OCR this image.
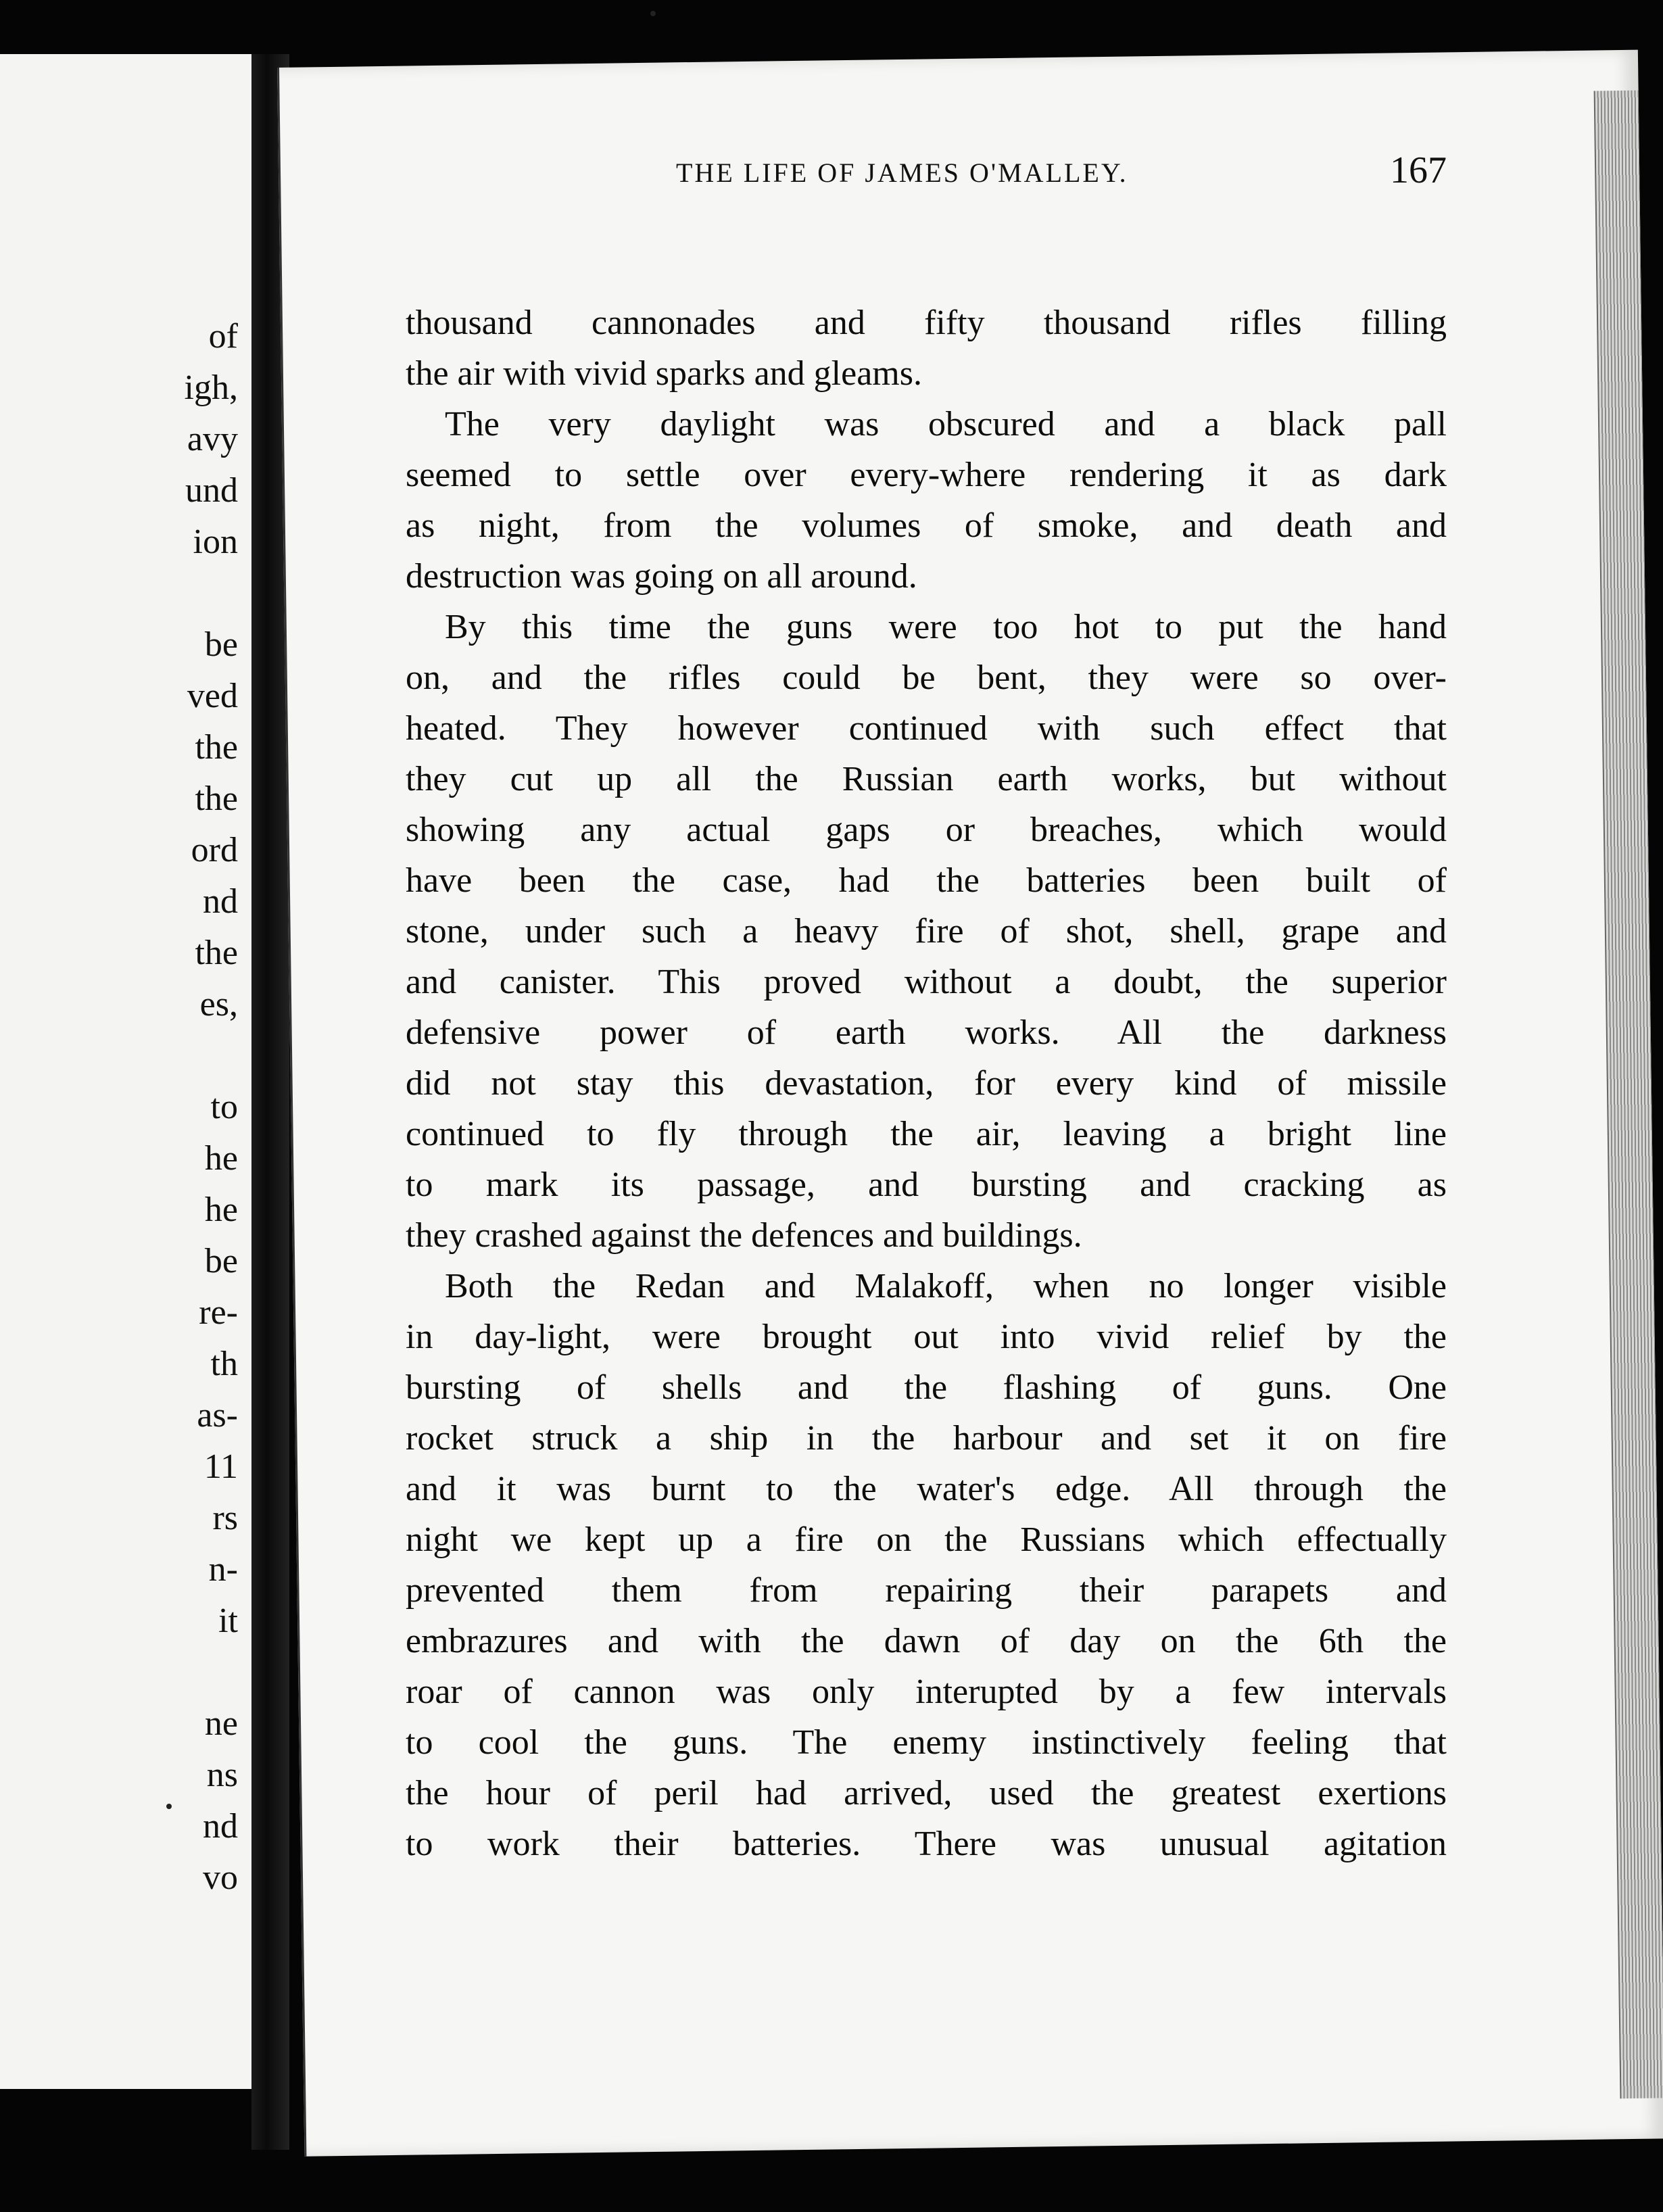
of
igh,
avy
und
ion
be
ved
the
the
ord
nd
the
es,
to
he
he
be
re-
th
as-
11
rs
n-
it
ne
ns
nd
vo
THE LIFE OF JAMES O'MALLEY.	167
thousand cannonades and fifty thousand rifles filling
the air with vivid sparks and gleams.
The very daylight was obscured and a black pall
seemed to settle over every-where rendering it as dark
as night, from the volumes of smoke, and death and
destruction was going on all around.
By this time the guns were too hot to put the hand
on, and the rifles could be bent, they were so over-
heated. They however continued with such effect that
they cut up all the Russian earth works, but without
showing any actual gaps or breaches, which would
have been the case, had the batteries been built of
stone, under such a heavy fire of shot, shell, grape and
and canister. This proved without a doubt, the superior
defensive power of earth works. All the darkness
did not stay this devastation, for every kind of missile
continued to fly through the air, leaving a bright line
to mark its passage, and bursting and cracking as
they crashed against the defences and buildings.
Both the Redan and Malakoff, when no longer visible
in day-light, were brought out into vivid relief by the
bursting of shells and the flashing of guns. One
rocket struck a ship in the harbour and set it on fire
and it was burnt to the water's edge. All through the
night we kept up a fire on the Russians which effectually
prevented them from repairing their parapets and
embrazures and with the dawn of day on the 6th the
roar of cannon was only interupted by a few intervals
to cool the guns. The enemy instinctively feeling that
the hour of peril had arrived, used the greatest exertions
to work their batteries. There was unusual agitation
